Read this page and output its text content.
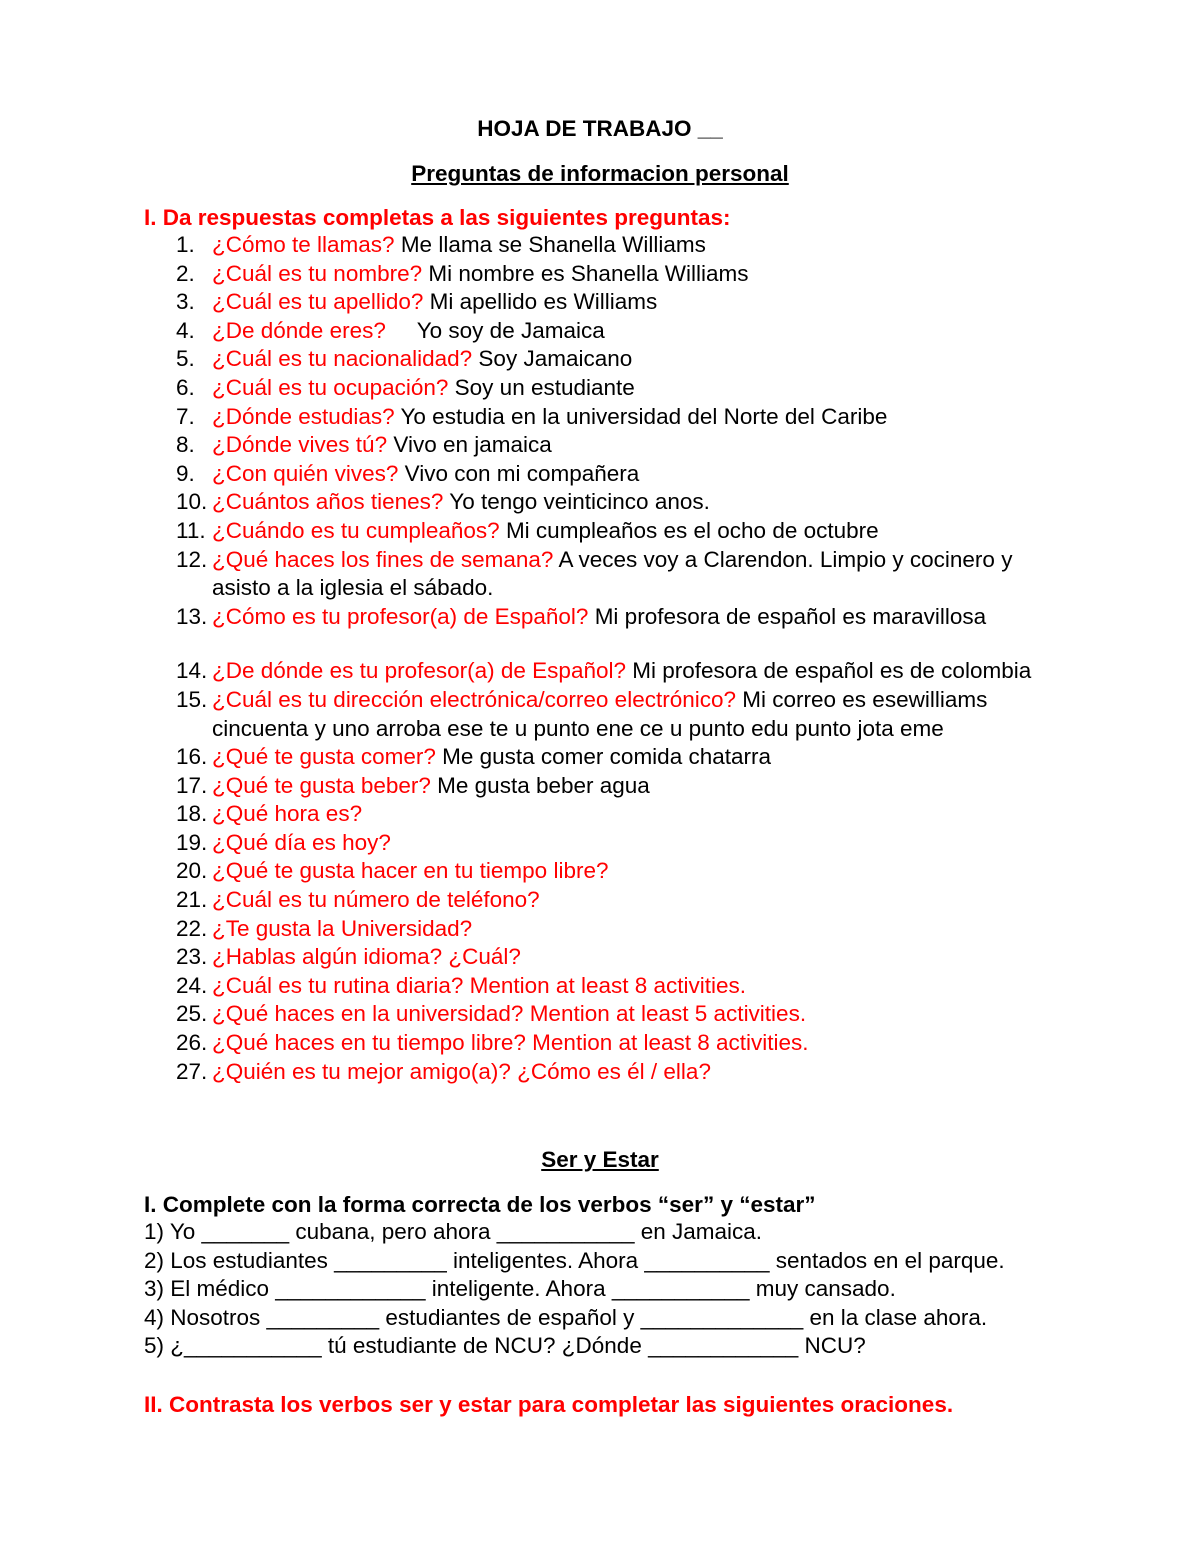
HOJA DE TRABAJO __
Preguntas de informacion personal
I. Da respuestas completas a las siguientes preguntas:
1. ¿Cómo te llamas? Me llama se Shanella Williams
2. ¿Cuál es tu nombre? Mi nombre es Shanella Williams
3. ¿Cuál es tu apellido? Mi apellido es Williams
4. ¿De dónde eres?     Yo soy de Jamaica
5. ¿Cuál es tu nacionalidad? Soy Jamaicano
6. ¿Cuál es tu ocupación? Soy un estudiante
7. ¿Dónde estudias? Yo estudia en la universidad del Norte del Caribe
8. ¿Dónde vives tú? Vivo en jamaica
9. ¿Con quién vives? Vivo con mi compañera
10. ¿Cuántos años tienes? Yo tengo veinticinco anos.
11. ¿Cuándo es tu cumpleaños? Mi cumpleaños es el ocho de octubre
12. ¿Qué haces los fines de semana? A veces voy a Clarendon. Limpio y cocinero y asisto a la iglesia el sábado.
13. ¿Cómo es tu profesor(a) de Español? Mi profesora de español es maravillosa
14. ¿De dónde es tu profesor(a) de Español? Mi profesora de español es de colombia
15. ¿Cuál es tu dirección electrónica/correo electrónico? Mi correo es esewilliams cincuenta y uno arroba ese te u punto ene ce u punto edu punto jota eme
16. ¿Qué te gusta comer? Me gusta comer comida chatarra
17. ¿Qué te gusta beber? Me gusta beber agua
18. ¿Qué hora es?
19. ¿Qué día es hoy?
20. ¿Qué te gusta hacer en tu tiempo libre?
21. ¿Cuál es tu número de teléfono?
22. ¿Te gusta la Universidad?
23. ¿Hablas algún idioma? ¿Cuál?
24. ¿Cuál es tu rutina diaria? Mention at least 8 activities.
25. ¿Qué haces en la universidad? Mention at least 5 activities.
26. ¿Qué haces en tu tiempo libre? Mention at least 8 activities.
27. ¿Quién es tu mejor amigo(a)? ¿Cómo es él / ella?
Ser y Estar
I. Complete con la forma correcta de los verbos “ser” y “estar”
1) Yo _______ cubana, pero ahora ___________ en Jamaica.
2) Los estudiantes _________ inteligentes. Ahora __________ sentados en el parque.
3) El médico ____________ inteligente. Ahora ___________ muy cansado.
4) Nosotros _________ estudiantes de español y _____________ en la clase ahora.
5) ¿___________ tú estudiante de NCU? ¿Dónde ____________ NCU?
II. Contrasta los verbos ser y estar para completar las siguientes oraciones.
